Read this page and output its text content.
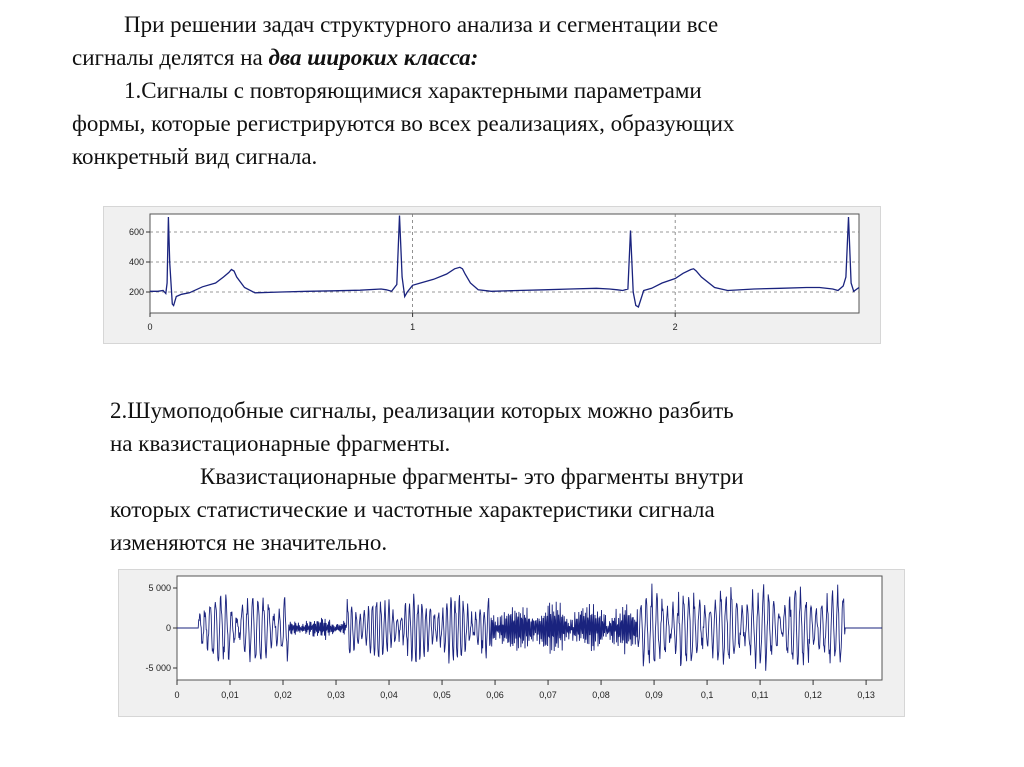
При решении задач структурного анализа и сегментации все
сигналы делятся на два широких класса:
1.Сигналы с повторяющимися характерными параметрами
формы, которые регистрируются во всех реализациях, образующих
конкретный вид сигнала.

600
400
200
0	1	2

2.Шумоподобные сигналы, реализации которых можно разбить
на квазистационарные фрагменты.
Квазистационарные фрагменты- это фрагменты внутри
которых статистические и частотные характеристики сигнала
изменяются не значительно.

5 000
0
-5 000
0	0,01	0,02	0,03	0,04	0,05	0,06	0,07	0,08	0,09	0,1	0,11	0,12	0,13
